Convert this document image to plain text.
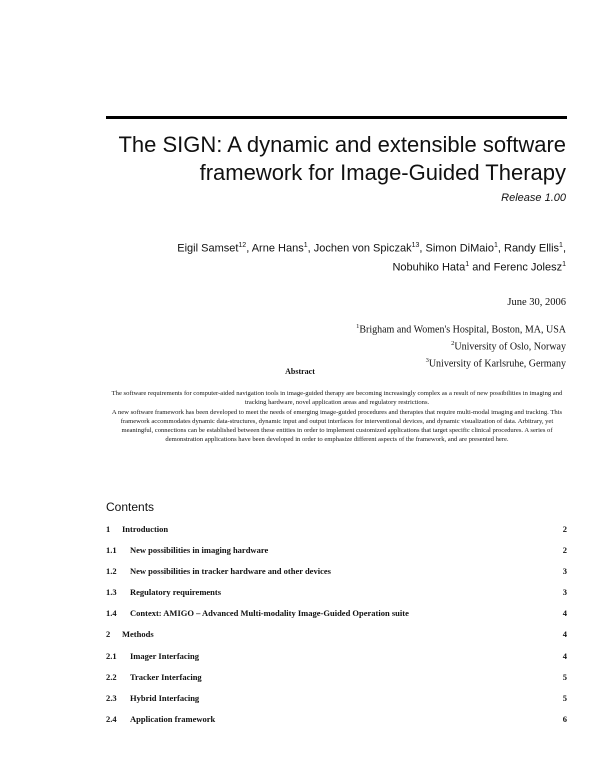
The SIGN: A dynamic and extensible software
framework for Image-Guided Therapy
Release 1.00
Eigil Samset$^{12}$, Arne Hans$^1$, Jochen von Spiczak$^{13}$, Simon DiMaio$^1$, Randy Ellis$^1$,
Nobuhiko Hata$^1$ and Ferenc Jolesz$^1$
June 30, 2006
$^1$Brigham and Women's Hospital, Boston, MA, USA
$^2$University of Oslo, Norway
$^3$University of Karlsruhe, Germany
Abstract

The software requirements for computer-aided navigation tools in image-guided therapy are becoming increasingly complex as a result of new possibilities in imaging and tracking hardware, novel application areas and regulatory restrictions.

A new software framework has been developed to meet the needs of emerging image-guided procedures and therapies that require multi-modal imaging and tracking. This framework accommodates dynamic data-structures, dynamic input and output interfaces for interventional devices, and dynamic visualization of data. Arbitrary, yet meaningful, connections can be established between these entities in order to implement customized applications that target specific clinical procedures. A series of demonstration applications have been developed in order to emphasize different aspects of the framework, and are presented here.

Contents
1 Introduction	2
1.1 New possibilities in imaging hardware	2
1.2 New possibilities in tracker hardware and other devices	3
1.3 Regulatory requirements	3
1.4 Context: AMIGO – Advanced Multi-modality Image-Guided Operation suite	4
2 Methods	4
2.1 Imager Interfacing	4
2.2 Tracker Interfacing	5
2.3 Hybrid Interfacing	5
2.4 Application framework	6
